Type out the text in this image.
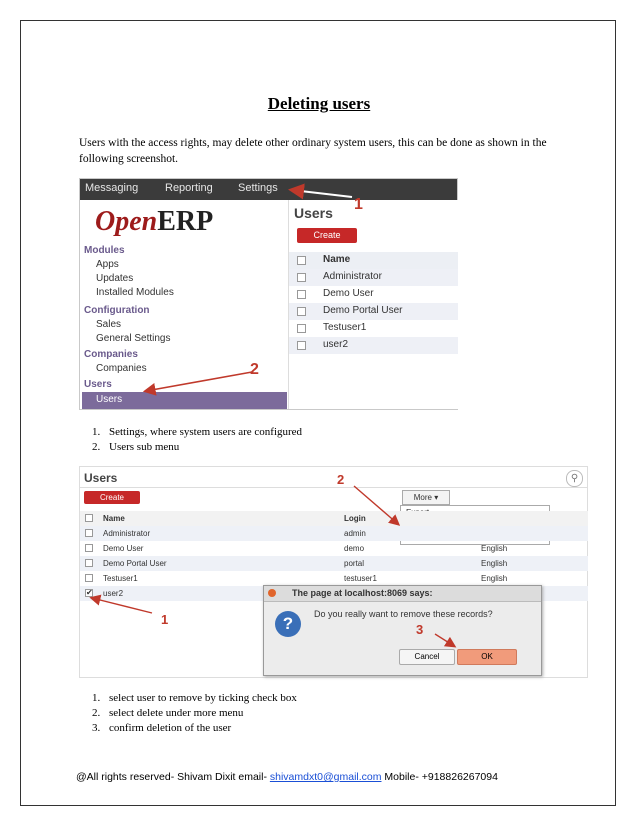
Deleting users
Users with the access rights, may delete other ordinary system users, this can be done as shown in the following screenshot.
Messaging Reporting Settings
OpenERP
Modules
Apps
Updates
Installed Modules
Configuration
Sales
General Settings
Companies
Companies
Users
Users
Users
Create
Name
Administrator
Demo User
Demo Portal User
Testuser1
user2
1
2
1. Settings, where system users are configured
2. Users sub menu
Users	⚲
Create	More ▾
Name	Login
Administrator	admin
Demo User	demo	English
Demo Portal User	portal	English
Testuser1	testuser1	English
✔ user2	The page at localhost:8069 says:
?	Do you really want to remove these records?
Cancel	OK
2
1
3
1. select user to remove by ticking check box
2. select delete under more menu
3. confirm deletion of the user
@All rights reserved- Shivam Dixit email- shivamdxt0@gmail.com Mobile- +918826267094
